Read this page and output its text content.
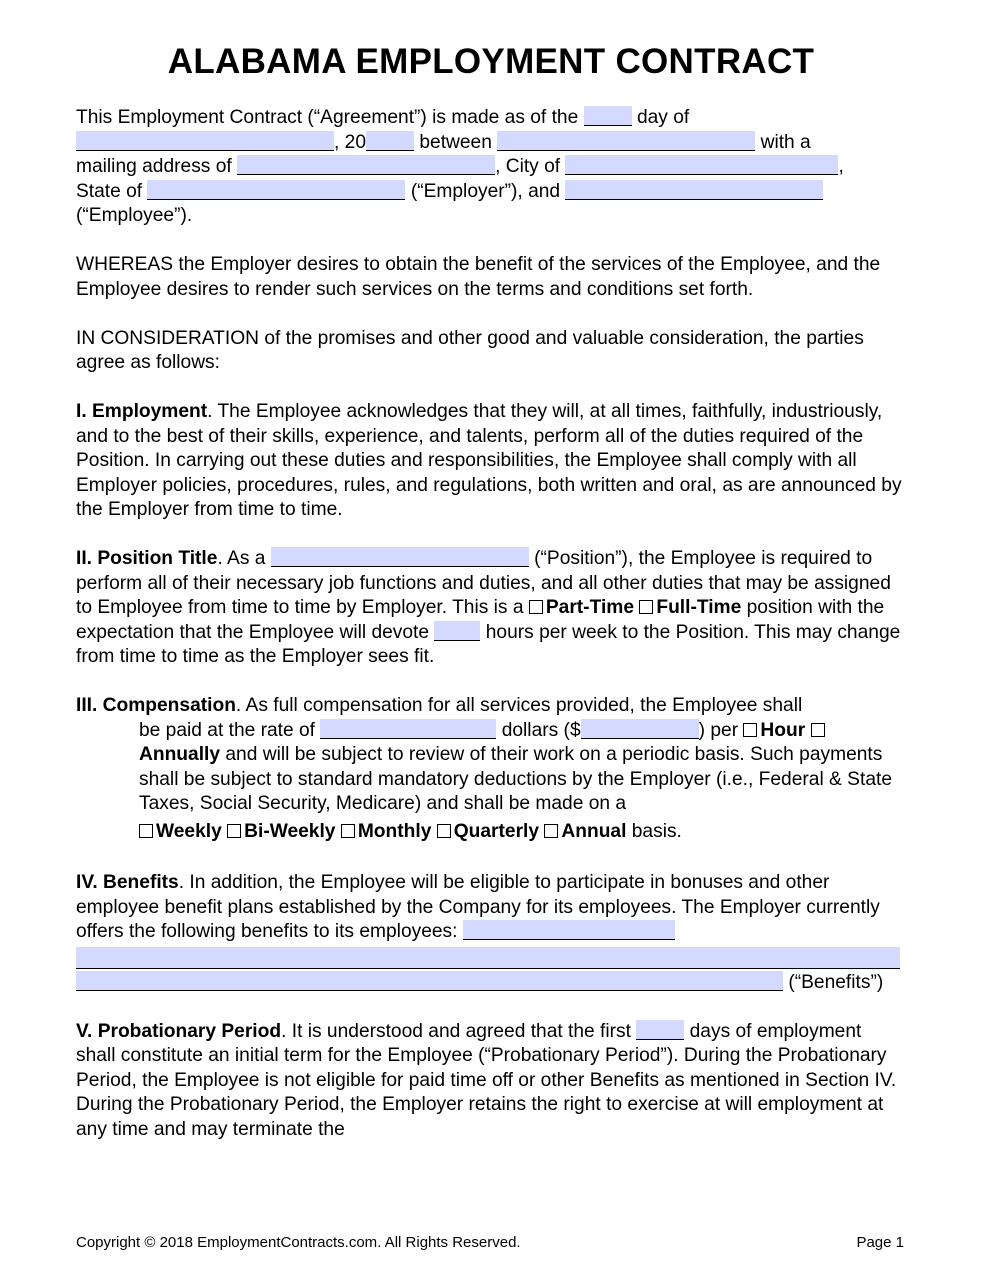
ALABAMA EMPLOYMENT CONTRACT

This Employment Contract (“Agreement”) is made as of the	day of
, 20	between	with a
mailing address of	, City of	,
State of	(“Employer”), and
(“Employee”).

WHEREAS the Employer desires to obtain the benefit of the services of the Employee, and the Employee desires to render such services on the terms and conditions set forth.

IN CONSIDERATION of the promises and other good and valuable consideration, the parties agree as follows:

I. Employment. The Employee acknowledges that they will, at all times, faithfully, industriously, and to the best of their skills, experience, and talents, perform all of the duties required of the Position. In carrying out these duties and responsibilities, the Employee shall comply with all Employer policies, procedures, rules, and regulations, both written and oral, as are announced by the Employer from time to time.

II. Position Title. As a	(“Position”), the Employee is required to perform all of their necessary job functions and duties, and all other duties that may be assigned to Employee from time to time by Employer. This is a Part-Time Full-Time position with the expectation that the Employee will devote	hours per week to the Position. This may change from time to time as the Employer sees fit.

III. Compensation. As full compensation for all services provided, the Employee shall
be paid at the rate of	dollars ($	) per Hour Annually and will be subject to review of their work on a periodic basis. Such payments shall be subject to standard mandatory deductions by the Employer (i.e., Federal & State Taxes, Social Security, Medicare) and shall be made on a
Weekly Bi-Weekly Monthly Quarterly Annual basis.

IV. Benefits. In addition, the Employee will be eligible to participate in bonuses and other employee benefit plans established by the Company for its employees. The Employer currently offers the following benefits to its employees:
(“Benefits”)

V. Probationary Period. It is understood and agreed that the first	days of employment shall constitute an initial term for the Employee (“Probationary Period”). During the Probationary Period, the Employee is not eligible for paid time off or other Benefits as mentioned in Section IV. During the Probationary Period, the Employer retains the right to exercise at will employment at any time and may terminate the

Copyright © 2018 EmploymentContracts.com. All Rights Reserved.	Page 1
